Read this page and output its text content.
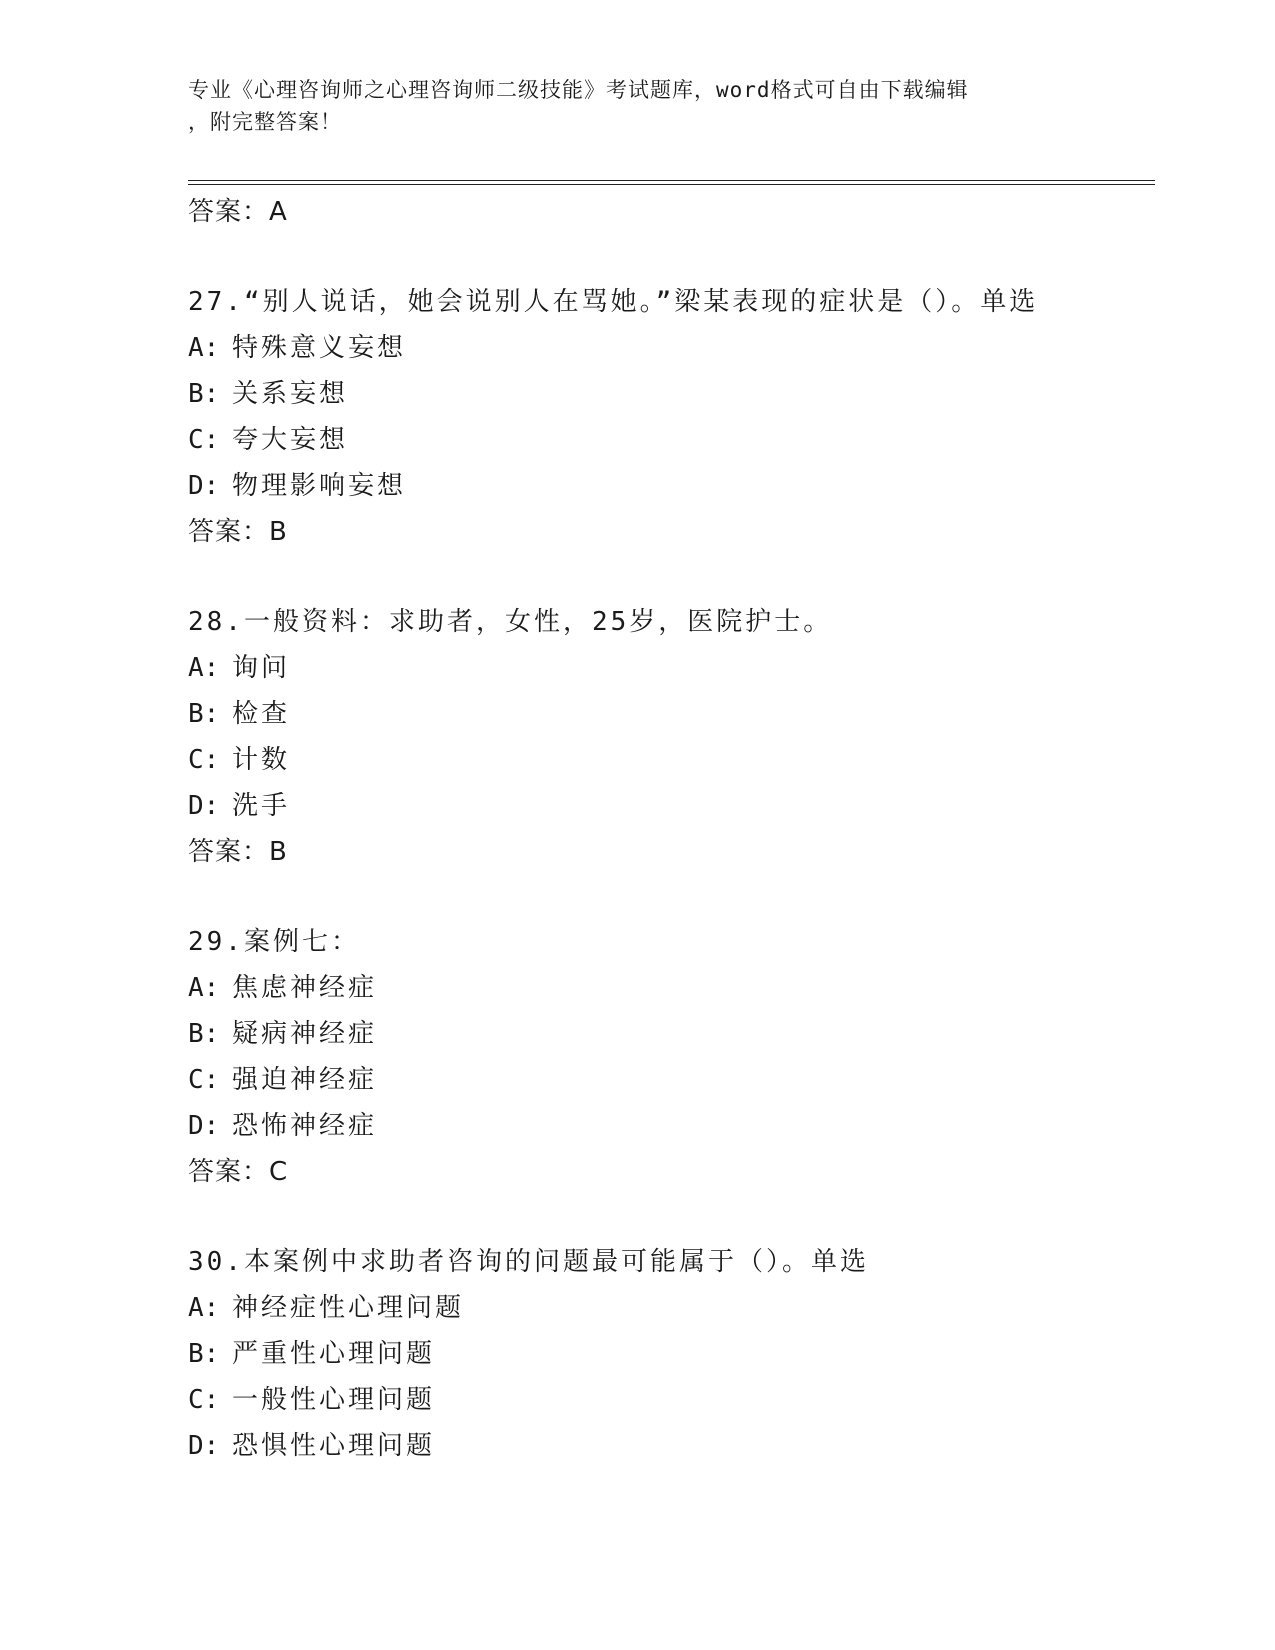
专业《心理咨询师之心理咨询师二级技能》考试题库，word格式可自由下载编辑
，附完整答案！
答案：A
27.“别人说话，她会说别人在骂她。”梁某表现的症状是（）。单选
A: 特殊意义妄想
B: 关系妄想
C: 夸大妄想
D: 物理影响妄想
答案：B
28.一般资料：求助者，女性，25岁，医院护士。
A: 询问
B: 检查
C: 计数
D: 洗手
答案：B
29.案例七：
A: 焦虑神经症
B: 疑病神经症
C: 强迫神经症
D: 恐怖神经症
答案：C
30.本案例中求助者咨询的问题最可能属于（）。单选
A: 神经症性心理问题
B: 严重性心理问题
C: 一般性心理问题
D: 恐惧性心理问题
